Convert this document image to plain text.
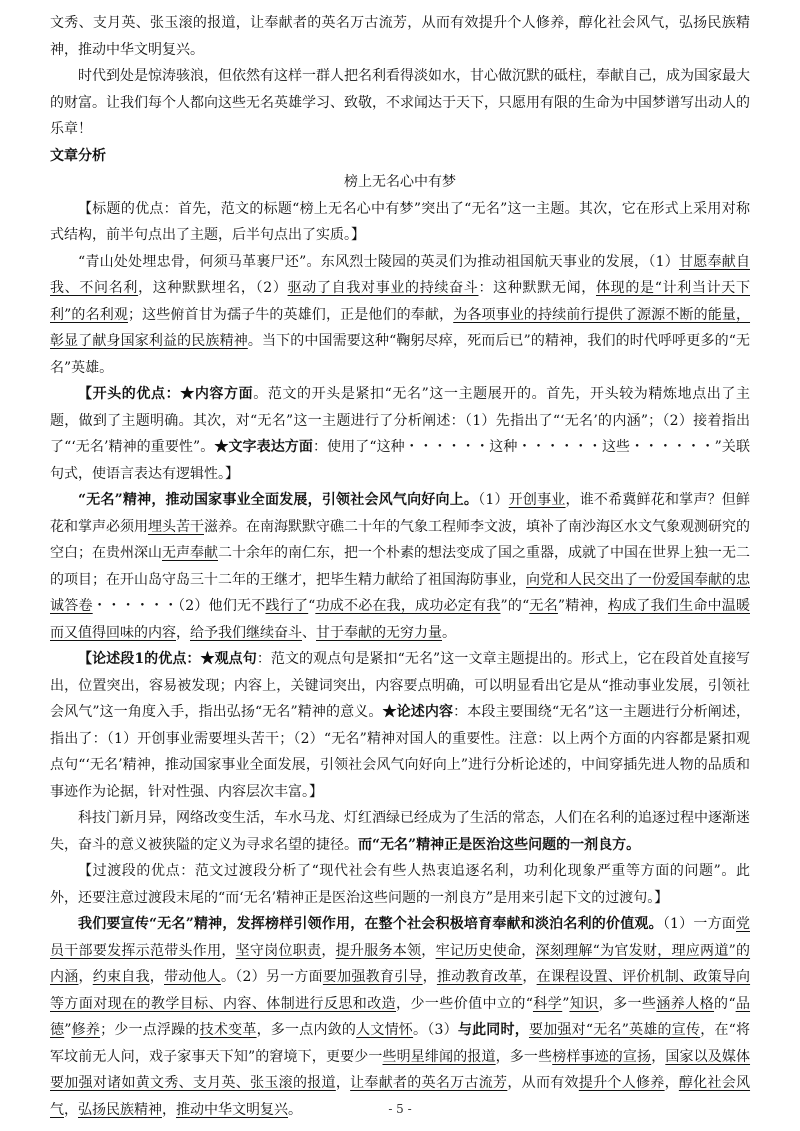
文秀、支月英、张玉滚的报道，让奉献者的英名万古流芳，从而有效提升个人修养，醇化社会风气，弘扬民族精神，推动中华文明复兴。

时代到处是惊涛骇浪，但依然有这样一群人把名利看得淡如水，甘心做沉默的砥柱，奉献自己，成为国家最大的财富。让我们每个人都向这些无名英雄学习、致敬，不求闻达于天下，只愿用有限的生命为中国梦谱写出动人的乐章！

文章分析

榜上无名心中有梦

【标题的优点：首先，范文的标题“榜上无名心中有梦”突出了“无名”这一主题。其次，它在形式上采用对称式结构，前半句点出了主题，后半句点出了实质。】

“青山处处埋忠骨，何须马革裹尸还”。东风烈士陵园的英灵们为推动祖国航天事业的发展，（1）甘愿奉献自我、不问名利，这种默默埋名，（2）驱动了自我对事业的持续奋斗：这种默默无闻，体现的是“计利当计天下利”的名利观；这些俯首甘为孺子牛的英雄们，正是他们的奉献，为各项事业的持续前行提供了源源不断的能量，彰显了献身国家利益的民族精神。当下的中国需要这种“鞠躬尽瘁，死而后已”的精神，我们的时代呼呼更多的“无名”英雄。

【开头的优点：★内容方面。范文的开头是紧扣“无名”这一主题展开的。首先，开头较为精炼地点出了主题，做到了主题明确。其次，对“无名”这一主题进行了分析阐述：（1）先指出了“‘无名’的内涵”；（2）接着指出了“‘无名’精神的重要性”。★文字表达方面：使用了“这种・・・・・・这种・・・・・・这些・・・・・・”关联句式，使语言表达有逻辑性。】

“无名”精神，推动国家事业全面发展，引领社会风气向好向上。（1）开创事业，谁不希冀鲜花和掌声？但鲜花和掌声必须用埋头苦干滋养。在南海默默守礁二十年的气象工程师李文波，填补了南沙海区水文气象观测研究的空白；在贵州深山无声奉献二十余年的南仁东，把一个朴素的想法变成了国之重器，成就了中国在世界上独一无二的项目；在开山岛守岛三十二年的王继才，把毕生精力献给了祖国海防事业，向党和人民交出了一份爱国奉献的忠诚答卷・・・・・・（2）他们无不践行了“功成不必在我，成功必定有我”的“无名”精神，构成了我们生命中温暖而又值得回味的内容，给予我们继续奋斗、甘于奉献的无穷力量。

【论述段1的优点：★观点句：范文的观点句是紧扣“无名”这一文章主题提出的。形式上，它在段首处直接写出，位置突出，容易被发现；内容上，关键词突出，内容要点明确，可以明显看出它是从“推动事业发展，引领社会风气”这一角度入手，指出弘扬“无名”精神的意义。★论述内容：本段主要围绕“无名”这一主题进行分析阐述，指出了：（1）开创事业需要埋头苦干；（2）“无名”精神对国人的重要性。注意：以上两个方面的内容都是紧扣观点句“‘无名’精神，推动国家事业全面发展，引领社会风气向好向上”进行分析论述的，中间穿插先进人物的品质和事迹作为论据，针对性强、内容层次丰富。】

科技门新月异，网络改变生活，车水马龙、灯红酒绿已经成为了生活的常态，人们在名利的追逐过程中逐渐迷失，奋斗的意义被狭隘的定义为寻求名望的捷径。而“无名”精神正是医治这些问题的一剂良方。

【过渡段的优点：范文过渡段分析了“现代社会有些人热衷追逐名利，功利化现象严重等方面的问题”。此外，还要注意过渡段末尾的“而‘无名’精神正是医治这些问题的一剂良方”是用来引起下文的过渡句。】

我们要宣传“无名”精神，发挥榜样引领作用，在整个社会积极培育奉献和淡泊名利的价值观。（1）一方面党员干部要发挥示范带头作用，坚守岗位职责，提升服务本领，牢记历史使命，深刻理解“为官发财，理应两道”的内涵，约束自我，带动他人。（2）另一方面要加强教育引导，推动教育改革，在课程设置、评价机制、政策导向等方面对现在的教学目标、内容、体制进行反思和改造，少一些价值中立的“科学”知识，多一些涵养人格的“品德”修养；少一点浮躁的技术变革，多一点内敛的人文情怀。（3）与此同时，要加强对“无名”英雄的宣传，在“将军坟前无人问，戏子家事天下知”的窘境下，更要少一些明星绯闻的报道，多一些榜样事迹的宣扬，国家以及媒体要加强对诸如黄文秀、支月英、张玉滚的报道，让奉献者的英名万古流芳，从而有效提升个人修养，醇化社会风气，弘扬民族精神，推动中华文明复兴。	- 5 -
